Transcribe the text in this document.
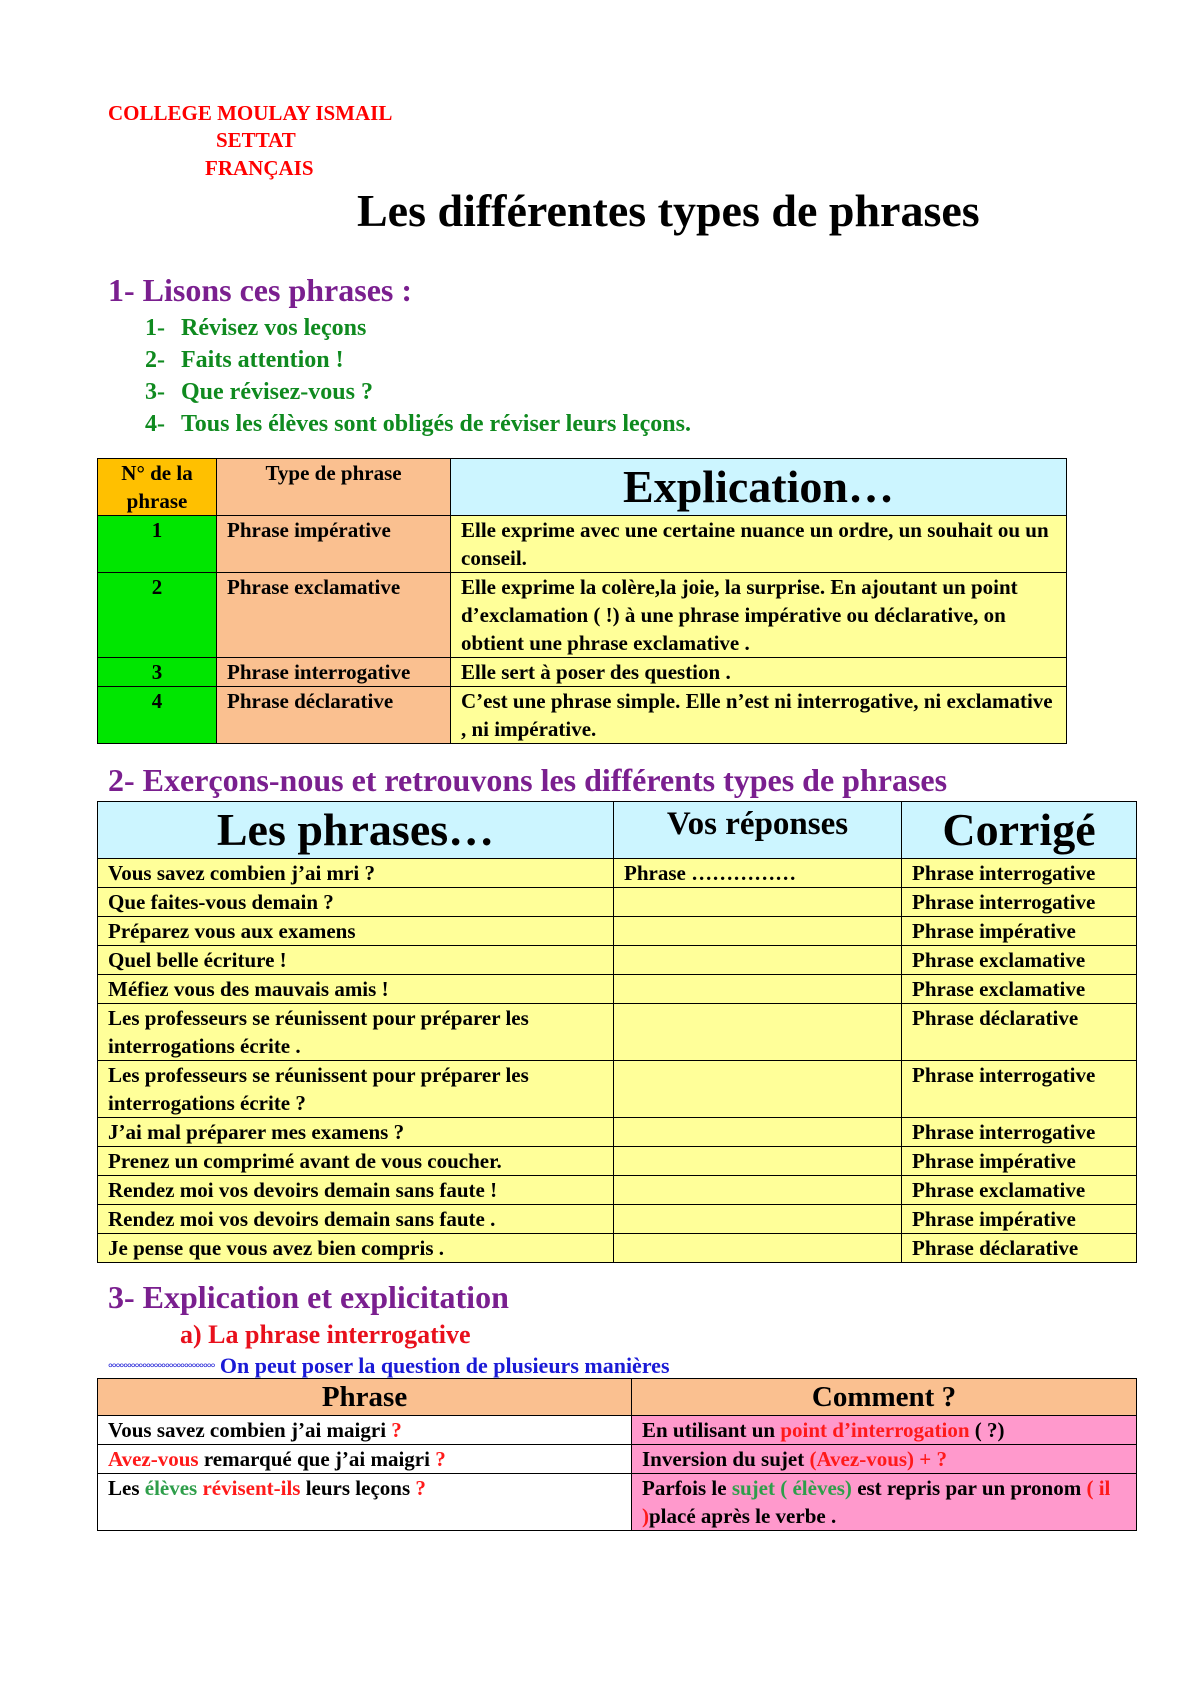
COLLEGE MOULAY ISMAIL
SETTAT
FRANÇAIS
Les différentes types de phrases
1- Lisons ces phrases :
1- Révisez vos leçons
2- Faits attention !
3- Que révisez-vous ?
4- Tous les élèves sont obligés de réviser leurs leçons.
N° de la phrase	Type de phrase	Explication…
1	Phrase impérative	Elle exprime avec une certaine nuance un ordre, un souhait ou un conseil.
2	Phrase exclamative	Elle exprime la colère,la joie, la surprise. En ajoutant un point d’exclamation ( !) à une phrase impérative ou déclarative, on obtient une phrase exclamative .
3	Phrase interrogative	Elle sert à poser des question .
4	Phrase déclarative	C’est une phrase simple. Elle n’est ni interrogative, ni exclamative , ni impérative.
2- Exerçons-nous et retrouvons les différents types de phrases
Les phrases…	Vos réponses	Corrigé
Vous savez combien j’ai mri ?	Phrase ……………	Phrase interrogative
Que faites-vous demain ?		Phrase interrogative
Préparez vous aux examens		Phrase impérative
Quel belle écriture !		Phrase exclamative
Méfiez vous des mauvais amis !		Phrase exclamative
Les professeurs se réunissent pour préparer les interrogations écrite .		Phrase déclarative
Les professeurs se réunissent pour préparer les interrogations écrite ?		Phrase interrogative
J’ai mal préparer mes examens ?		Phrase interrogative
Prenez un comprimé avant de vous coucher.		Phrase impérative
Rendez moi vos devoirs demain sans faute !		Phrase exclamative
Rendez moi vos devoirs demain sans faute .		Phrase impérative
Je pense que vous avez bien compris .		Phrase déclarative
3- Explication et explicitation
a) La phrase interrogative
°°°°°°°°°°°°°°°°°°°°°°°°°°°° On peut poser la question de plusieurs manières
Phrase	Comment ?
Vous savez combien j’ai maigri ?	En utilisant un point d’interrogation ( ?)
Avez-vous remarqué que j’ai maigri ?	Inversion du sujet (Avez-vous) + ?
Les élèves révisent-ils leurs leçons ?	Parfois le sujet ( élèves) est repris par un pronom ( il )placé après le verbe .
